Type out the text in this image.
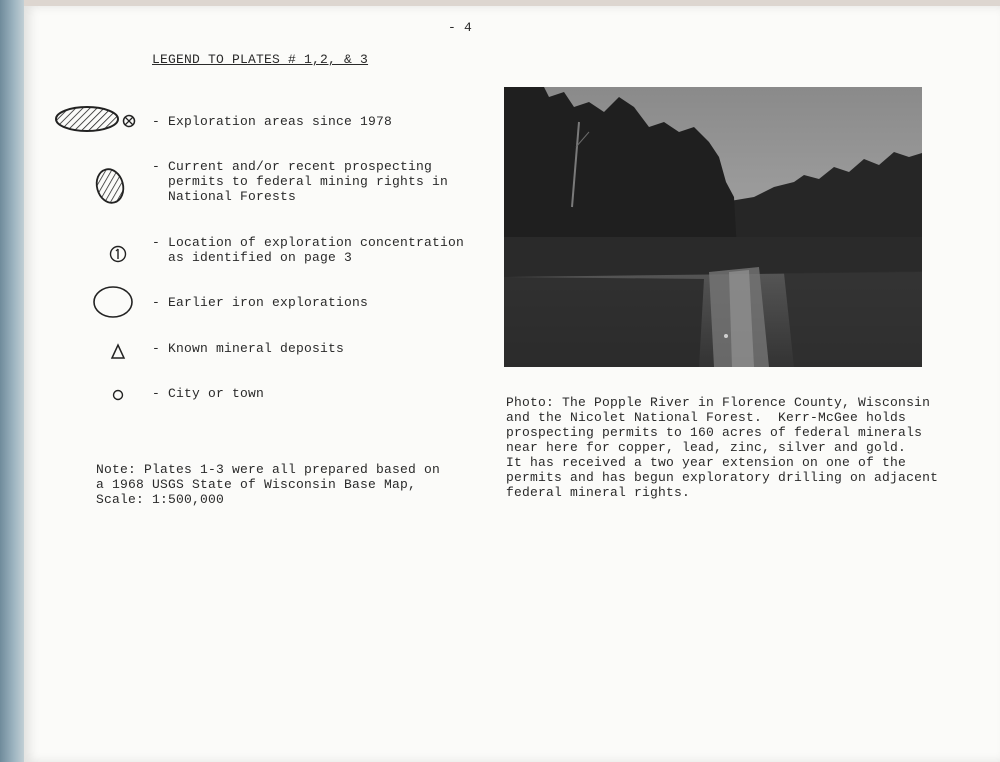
- 4
LEGEND TO PLATES # 1,2, & 3
- Exploration areas since 1978
- Current and/or recent prospecting
permits to federal mining rights in
National Forests
- Location of exploration concentration
as identified on page 3
- Earlier iron explorations
- Known mineral deposits
- City or town
Note: Plates 1-3 were all prepared based on
a 1968 USGS State of Wisconsin Base Map,
Scale: 1:500,000
Photo: The Popple River in Florence County, Wisconsin
and the Nicolet National Forest.  Kerr-McGee holds
prospecting permits to 160 acres of federal minerals
near here for copper, lead, zinc, silver and gold.
It has received a two year extension on one of the
permits and has begun exploratory drilling on adjacent
federal mineral rights.
